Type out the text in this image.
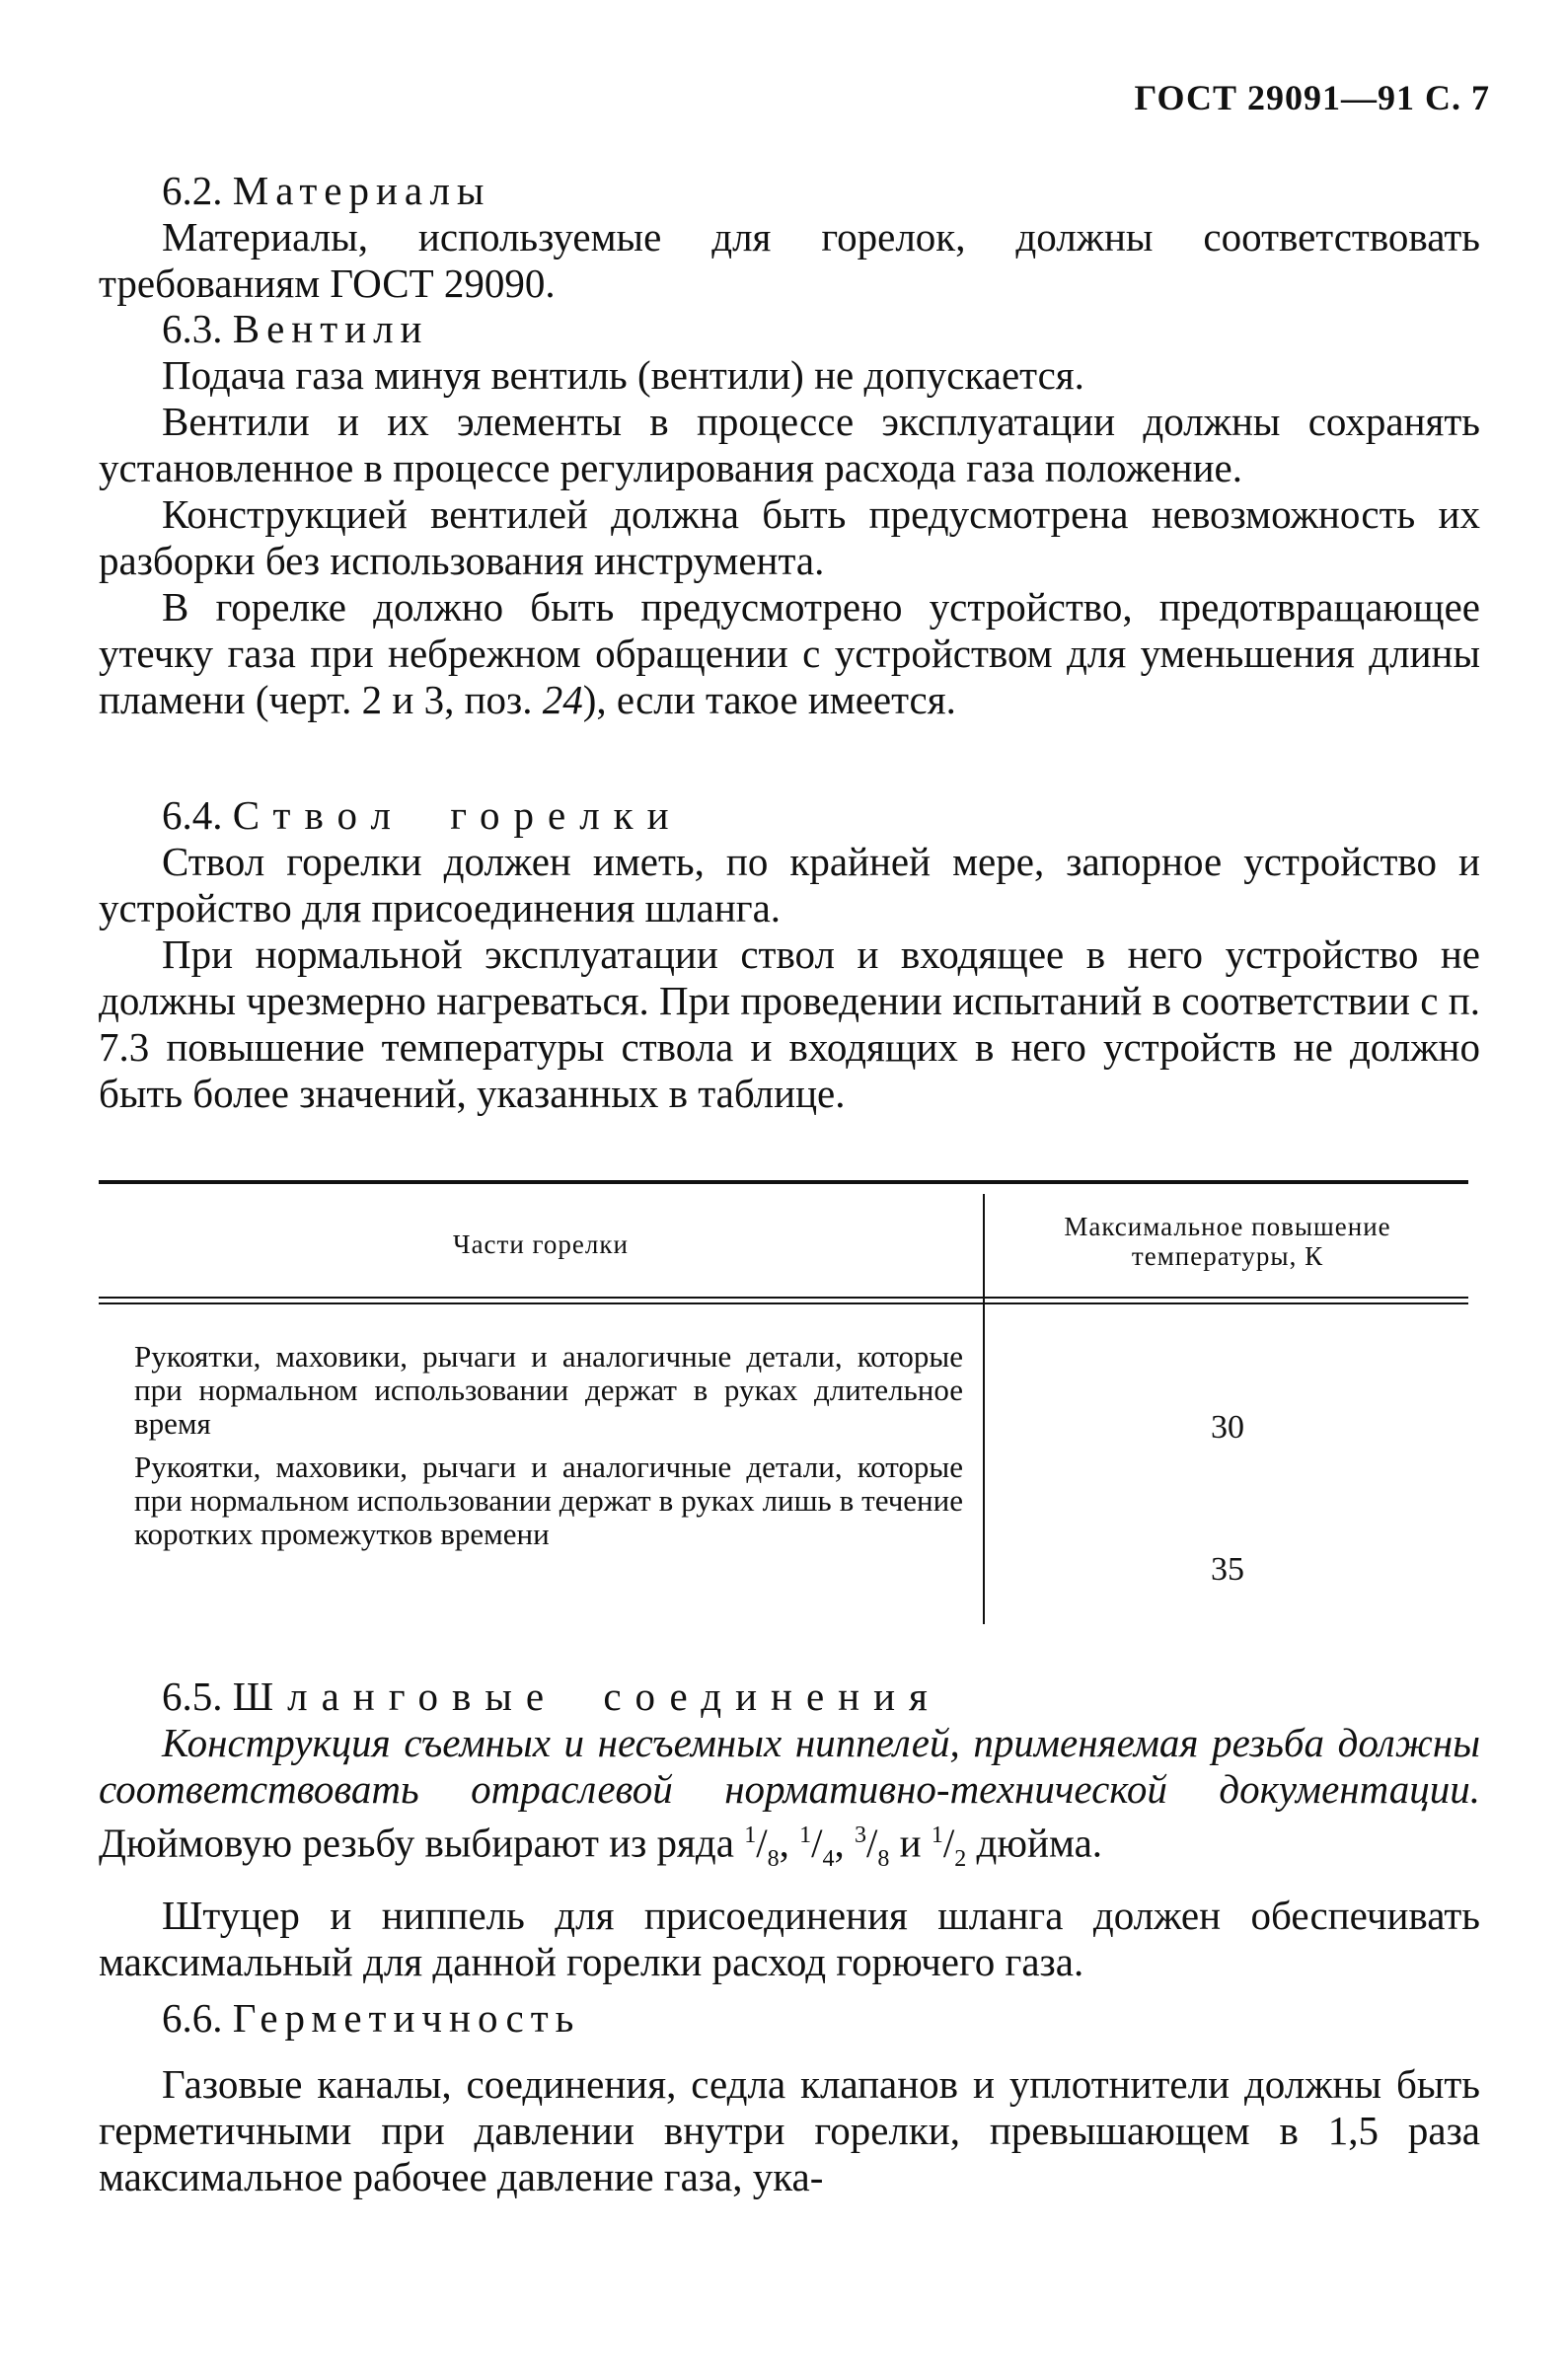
ГОСТ 29091—91 С. 7

6.2. Материалы

Материалы, используемые для горелок, должны соответствовать требованиям ГОСТ 29090.

6.3. Вентили

Подача газа минуя вентиль (вентили) не допускается.

Вентили и их элементы в процессе эксплуатации должны сохранять установленное в процессе регулирования расхода газа положение.

Конструкцией вентилей должна быть предусмотрена невозможность их разборки без использования инструмента.

В горелке должно быть предусмотрено устройство, предотвращающее утечку газа при небрежном обращении с устройством для уменьшения длины пламени (черт. 2 и 3, поз. 24), если такое имеется.

6.4. Ствол горелки

Ствол горелки должен иметь, по крайней мере, запорное устройство и устройство для присоединения шланга.

При нормальной эксплуатации ствол и входящее в него устройство не должны чрезмерно нагреваться. При проведении испытаний в соответствии с п. 7.3 повышение температуры ствола и входящих в него устройств не должно быть более значений, указанных в таблице.

Части горелки
Максимальное повышение температуры, К
Рукоятки, маховики, рычаги и аналогичные детали, которые при нормальном использовании держат в руках длительное время	30
Рукоятки, маховики, рычаги и аналогичные детали, которые при нормальном использовании держат в руках лишь в течение коротких промежутков времени
35

6.5. Шланговые соединения

Конструкция съемных и несъемных ниппелей, применяемая резьба должны соответствовать отраслевой нормативно-технической документации. Дюймовую резьбу выбирают из ряда $^1/_8$, $^1/_4$, $^3/_8$ и $^1/_2$ дюйма.

Штуцер и ниппель для присоединения шланга должен обеспечивать максимальный для данной горелки расход горючего газа.

6.6. Герметичность

Газовые каналы, соединения, седла клапанов и уплотнители должны быть герметичными при давлении внутри горелки, превышающем в 1,5 раза максимальное рабочее давление газа, ука-
